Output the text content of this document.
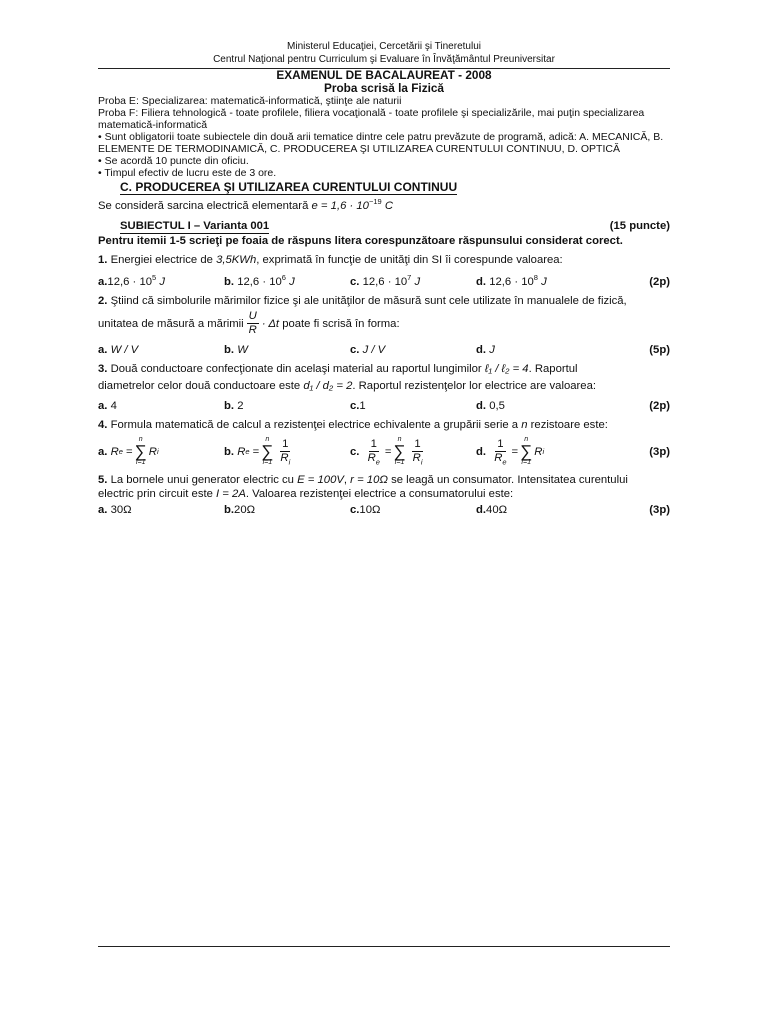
Ministerul Educaţiei, Cercetării şi Tineretului
Centrul Naţional pentru Curriculum şi Evaluare în Învăţământul Preuniversitar
EXAMENUL DE BACALAUREAT - 2008
Proba scrisă la Fizică
Proba E: Specializarea: matematică-informatică, ştiinţe ale naturii
Proba F: Filiera tehnologică - toate profilele, filiera vocaţională - toate profilele şi specializările, mai puţin specializarea matematică-informatică
• Sunt obligatorii toate subiectele din două arii tematice dintre cele patru prevăzute de programă, adică: A. MECANICĂ, B. ELEMENTE DE TERMODINAMICĂ, C. PRODUCEREA ŞI UTILIZAREA CURENTULUI CONTINUU, D. OPTICĂ
• Se acordă 10 puncte din oficiu.
• Timpul efectiv de lucru este de 3 ore.
C. PRODUCEREA ŞI UTILIZAREA CURENTULUI CONTINUU
Se consideră sarcina electrică elementară $e = 1,6 \cdot 10^{-19}$ C
SUBIECTUL I – Varianta 001	(15 puncte)
Pentru itemii 1-5 scrieţi pe foaia de răspuns litera corespunzătoare răspunsului considerat corect.
1. Energiei electrice de 3,5KWh, exprimată în funcţie de unităţi din SI îi corespunde valoarea:
$a.12,6 \cdot 10^5$ J	b. $12,6 \cdot 10^6$ J	c. $12,6 \cdot 10^7$ J	d. $12,6 \cdot 10^8$ J	(2p)
2. Ştiind că simbolurile mărimilor fizice şi ale unităţilor de măsură sunt cele utilizate în manualele de fizică,
unitatea de măsură a mărimii $\frac{U}{R} \cdot \Delta t$
poate fi scrisă în forma:
a. W / V	b. W	c. J / V	d. J	(5p)
3. Două conductoare confecţionate din acelaşi material au raportul lungimilor ℓ₁ / ℓ₂ = 4. Raportul
diametrelor celor două conductoare este d₁ / d₂ = 2. Raportul rezistenţelor lor electrice are valoarea:
a. 4	b. 2	c.1	d. 0,5	(2p)
4. Formula matematică de calcul a rezistenţei electrice echivalente a grupării serie a n rezistoare este:
a.
R e
=
n
∑
i=1
R i	b.
R e
=
n
∑
$i=1 \frac{1}{R_i}$	c.
$\frac{1}{R_e}$ =
n
∑
$i=1 \frac{1}{R_i}$	d.
$\frac{1}{R_e}$ =
n
∑
i=1
R i	(3p)
5. La bornele unui generator electric cu E = 100V, r = 10Ω se leagă un consumator. Intensitatea curentului
electric prin circuit este I = 2A. Valoarea rezistenţei electrice a consumatorului este:
a. 30Ω	b.20Ω	c.10Ω	d.40Ω	(3p)
